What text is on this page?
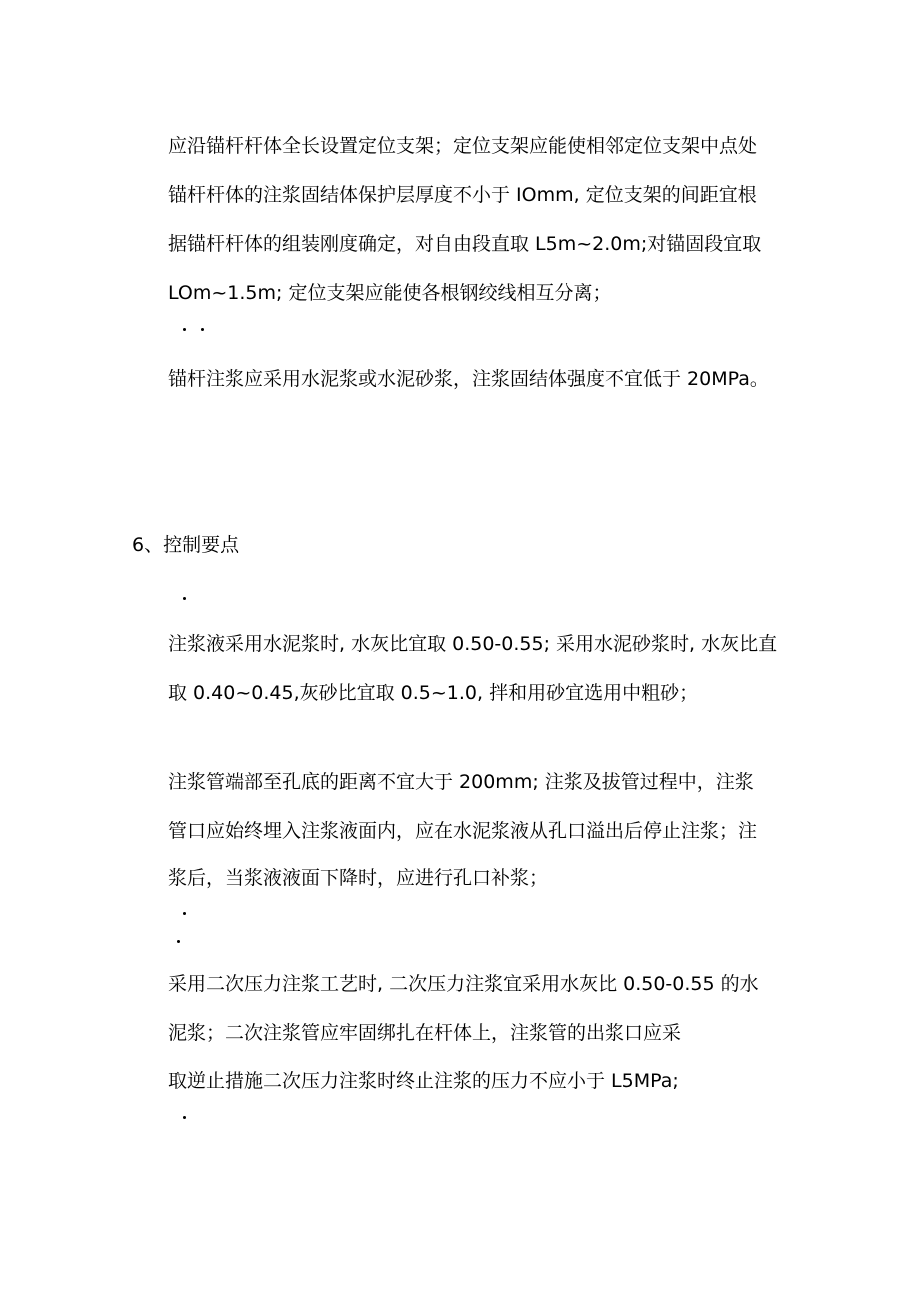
应沿锚杆杆体全长设置定位支架；定位支架应能使相邻定位支架中点处
锚杆杆体的注浆固结体保护层厚度不小于 IOmm, 定位支架的间距宜根
据锚杆杆体的组装刚度确定，对自由段直取 L5m~2.0m;对锚固段宜取
LOm~1.5m; 定位支架应能使各根钢绞线相互分离；
锚杆注浆应采用水泥浆或水泥砂浆，注浆固结体强度不宜低于 20MPa。
6、控制要点
注浆液采用水泥浆时, 水灰比宜取 0.50-0.55; 采用水泥砂浆时, 水灰比直
取 0.40~0.45,灰砂比宜取 0.5~1.0, 拌和用砂宜选用中粗砂；
注浆管端部至孔底的距离不宜大于 200mm; 注浆及拔管过程中，注浆
管口应始终埋入注浆液面内，应在水泥浆液从孔口溢出后停止注浆；注
浆后，当浆液液面下降时，应进行孔口补浆；
采用二次压力注浆工艺时, 二次压力注浆宜采用水灰比 0.50-0.55 的水
泥浆；二次注浆管应牢固绑扎在杆体上，注浆管的出浆口应采
取逆止措施二次压力注浆时终止注浆的压力不应小于 L5MPa;
